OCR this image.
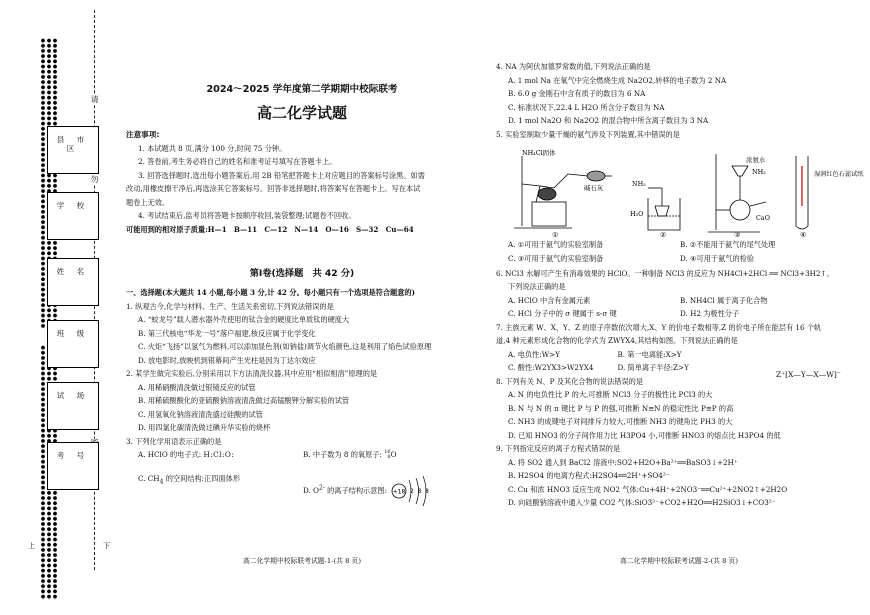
请
勿
上	下
县 市 区
学 校
姓 名
班 级
试 场
考 号
2024～2025 学年度第二学期期中校际联考
高二化学试题

注意事项:

1. 本试题共 8 页,满分 100 分,时间 75 分钟。

2. 答卷前,考生务必将自己的姓名和准考证号填写在答题卡上。

3. 回答选择题时,选出每小题答案后,用 2B 铅笔把答题卡上对应题目的答案标号涂黑。如需

改动,用橡皮擦干净后,再选涂其它答案标号。回答非选择题时,将答案写在答题卡上。写在本试

题卷上无效。

4. 考试结束后,监考员将答题卡按顺序收回,装袋整理;试题卷不回收。

可能用到的相对原子质量:H—1　B—11　C—12　N—14　O—16　S—32　Cu—64

第Ⅰ卷(选择题　共 42 分)

一、选择题(本大题共 14 小题,每小题 3 分,计 42 分。每小题只有一个选项是符合题意的)

1. 纵观古今,化学与材料、生产、生活关系密切,下列说法错误的是

A. “蛟龙号”载人潜水器外壳使用的钛合金的硬度比单质钛的硬度大

B. 第三代核电“华龙一号”落户福建,核反应属于化学变化

C. 火炬“飞扬”以氢气为燃料,可以添加显色剂(如钠盐)调节火焰颜色,这是利用了焰色试验原理

D. 放电影时,放映机到银幕间产生光柱是因为丁达尔效应

2. 某学生做完实验后,分别采用以下方法清洗仪器,其中应用“相似相溶”原理的是

A. 用稀硝酸清洗做过银镜反应的试管

B. 用稀硫酸酸化的亚硫酸钠溶液清洗做过高锰酸钾分解实验的试管

C. 用氢氧化钠溶液清洗盛过硅酸的试管

D. 用四氯化碳清洗做过碘升华实验的烧杯

3. 下列化学用语表示正确的是

A. HClO 的电子式: H:Cl:O:	B. 中子数为 8 的氧原子: 16
8O
C. $CH_4$ 的空间结构:正四面体形
D. $O^{2-}$ 的离子结构示意图: +18 2 8 8
高二化学期中校际联考试题-1-(共 8 页)

4. NA 为阿伏加德罗常数的值,下列说法正确的是

A. 1 mol Na 在氧气中完全燃烧生成 Na2O2,转移的电子数为 2 NA

B. 6.0 g 金刚石中含有质子的数目为 6 NA

C. 标准状况下,22.4 L H2O 所含分子数目为 NA

D. 1 mol Na2O 和 Na2O2 的混合物中所含离子数目为 3 NA

5. 实验室制取少量干燥的氨气涉及下列装置,其中错误的是

NH₄Cl固体
碱石灰
①
NH₃
H₂O
②
浓氨水
NH₃
CaO
③
湿润红色石蕊试纸
④
A. ①可用于氨气的实验室制备	B. ②不能用于氨气的尾气处理
C. ③可用于氨气的实验室制备	D. ④可用于氨气的检验

6. NCl3 水解可产生有消毒效果的 HClO。一种制备 NCl3 的反应为 NH4Cl+2HCl ══ NCl3+3H2↑。

下列说法正确的是

A. HClO 中含有金属元素	B. NH4Cl 属于离子化合物
C. HCl 分子中的 σ 键属于 s-σ 键	D. H2 为极性分子

7. 主族元素 W、X、Y、Z 的原子序数依次增大,X、Y 的价电子数相等,Z 的价电子所在能层有 16 个轨

道,4 种元素形成化合物的化学式为 ZWYX4,其结构如图。下列说法正确的是

A. 电负性:W>Y	B. 第一电离能:X>Y
C. 酸性:W2YX3>W2YX4	D. 简单离子半径:Z>Y

8. 下列有关 N、P 及其化合物的说法错误的是

A. N 的电负性比 P 的大,可推断 NCl3 分子的极性比 PCl3 的大

B. N 与 N 的 π 键比 P 与 P 的强,可推断 N≡N 的稳定性比 P≡P 的高

C. NH3 的成键电子对间排斥力较大,可推断 NH3 的键角比 PH3 的大

D. 已知 HNO3 的分子间作用力比 H3PO4 小,可推断 HNO3 的熔点比 H3PO4 的低

9. 下列指定反应的离子方程式错误的是

A. 将 SO2 通入到 BaCl2 溶液中:SO2+H2O+Ba²⁺══BaSO3↓+2H⁺

B. H2SO4 的电离方程式:H2SO4══2H⁺+SO4²⁻

C. Cu 和浓 HNO3 反应生成 NO2 气体:Cu+4H⁺+2NO3⁻══Cu²⁺+2NO2↑+2H2O

D. 向硅酸钠溶液中通入少量 CO2 气体:SiO3²⁻+CO2+H2O══H2SiO3↓+CO3²⁻

Z⁺[X—Y—X—W]⁻
高二化学期中校际联考试题-2-(共 8 页)
